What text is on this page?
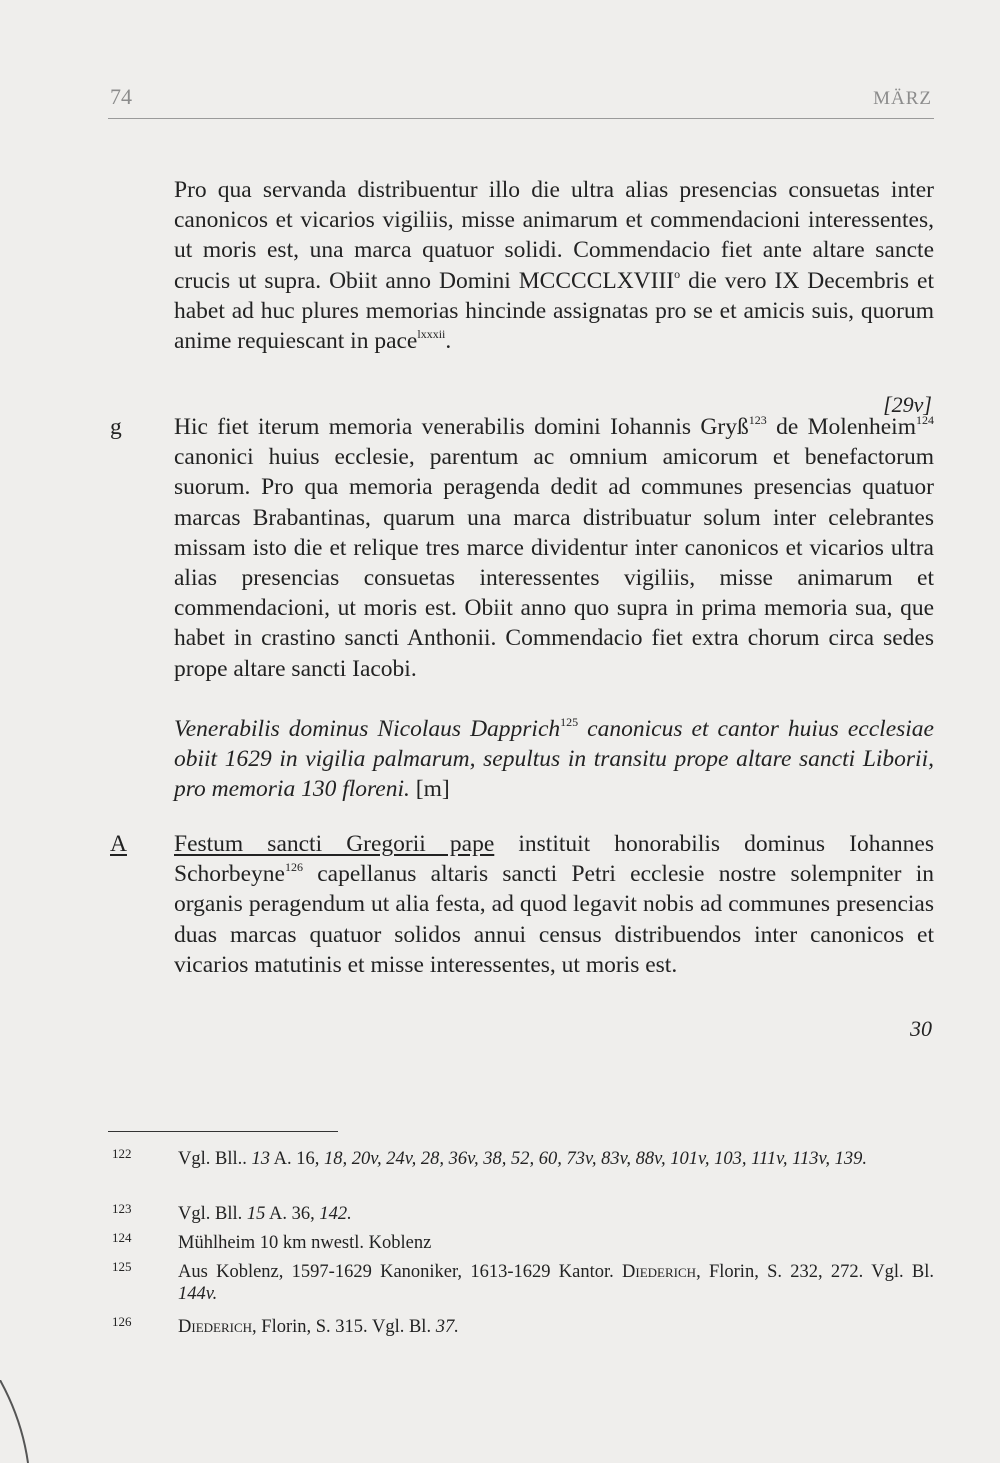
74	MÄRZ

Pro qua servanda distribuentur illo die ultra alias presencias consuetas inter canonicos et vicarios vigiliis, misse animarum et commendacioni interessentes, ut moris est, una marca quatuor solidi. Commendacio fiet ante altare sancte crucis ut supra. Obiit anno Domini MCCCCLXVIII$^o$ die vero IX Decembris et habet ad huc plures memorias hincinde assignatas pro se et amicis suis, quorum anime requiescant in pace$^{lxxxii}$.

[29v]
g Hic fiet iterum memoria venerabilis domini Iohannis Gryß$^{123}$ de Molenheim$^{124}$ canonici huius ecclesie, parentum ac omnium amicorum et benefactorum suorum. Pro qua memoria peragenda dedit ad communes presencias quatuor marcas Brabantinas, quarum una marca distribuatur solum inter celebrantes missam isto die et relique tres marce dividentur inter canonicos et vicarios ultra alias presencias consuetas interessentes vigiliis, misse animarum et commendacioni, ut moris est. Obiit anno quo supra in prima memoria sua, que habet in crastino sancti Anthonii. Commendacio fiet extra chorum circa sedes prope altare sancti Iacobi.

Venerabilis dominus Nicolaus Dapprich$^{125}$ canonicus et cantor huius ecclesiae obiit 1629 in vigilia palmarum, sepultus in transitu prope altare sancti Liborii, pro memoria 130 floreni. [m]

A Festum sancti Gregorii pape instituit honorabilis dominus Iohannes Schorbeyne$^{126}$ capellanus altaris sancti Petri ecclesie nostre solempniter in organis peragendum ut alia festa, ad quod legavit nobis ad communes presencias duas marcas quatuor solidos annui census distribuendos inter canonicos et vicarios matutinis et misse interessentes, ut moris est.

30
122	Vgl. Bll.. 13 A. 16, 18, 20v, 24v, 28, 36v, 38, 52, 60, 73v, 83v, 88v, 101v, 103, 111v, 113v, 139.
123	Vgl. Bll. 15 A. 36, 142.
124	Mühlheim 10 km nwestl. Koblenz
125	Aus Koblenz, 1597-1629 Kanoniker, 1613-1629 Kantor. Diederich, Florin, S. 232, 272. Vgl. Bl. 144v.
126	Diederich, Florin, S. 315. Vgl. Bl. 37.
